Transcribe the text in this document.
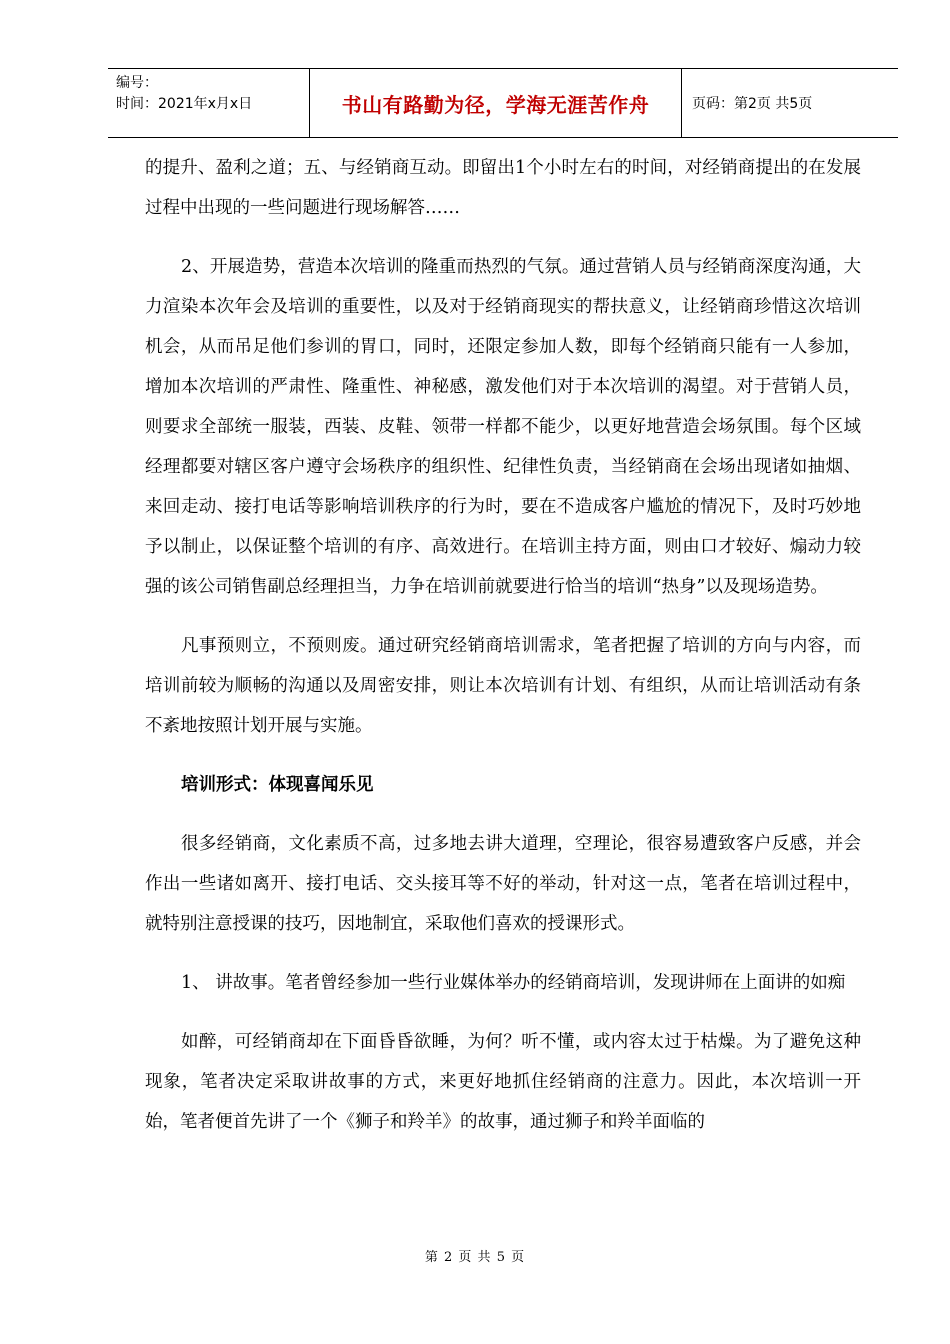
编号：
时间：2021年x月x日	书山有路勤为径，学海无涯苦作舟	页码：第2页 共5页

的提升、盈利之道；五、与经销商互动。即留出1个小时左右的时间，对经销商提出的在发展过程中出现的一些问题进行现场解答……

2、开展造势，营造本次培训的隆重而热烈的气氛。通过营销人员与经销商深度沟通，大力渲染本次年会及培训的重要性，以及对于经销商现实的帮扶意义，让经销商珍惜这次培训机会，从而吊足他们参训的胃口，同时，还限定参加人数，即每个经销商只能有一人参加，增加本次培训的严肃性、隆重性、神秘感，激发他们对于本次培训的渴望。对于营销人员，则要求全部统一服装，西装、皮鞋、领带一样都不能少，以更好地营造会场氛围。每个区域经理都要对辖区客户遵守会场秩序的组织性、纪律性负责，当经销商在会场出现诸如抽烟、来回走动、接打电话等影响培训秩序的行为时，要在不造成客户尴尬的情况下，及时巧妙地予以制止，以保证整个培训的有序、高效进行。在培训主持方面，则由口才较好、煽动力较强的该公司销售副总经理担当，力争在培训前就要进行恰当的培训“热身”以及现场造势。

凡事预则立，不预则废。通过研究经销商培训需求，笔者把握了培训的方向与内容，而培训前较为顺畅的沟通以及周密安排，则让本次培训有计划、有组织，从而让培训活动有条不紊地按照计划开展与实施。

培训形式：体现喜闻乐见

很多经销商，文化素质不高，过多地去讲大道理，空理论，很容易遭致客户反感，并会作出一些诸如离开、接打电话、交头接耳等不好的举动，针对这一点，笔者在培训过程中，就特别注意授课的技巧，因地制宜，采取他们喜欢的授课形式。

1、 讲故事。笔者曾经参加一些行业媒体举办的经销商培训，发现讲师在上面讲的如痴

如醉，可经销商却在下面昏昏欲睡，为何？听不懂，或内容太过于枯燥。为了避免这种现象，笔者决定采取讲故事的方式，来更好地抓住经销商的注意力。因此，本次培训一开始，笔者便首先讲了一个《狮子和羚羊》的故事，通过狮子和羚羊面临的

第 2 页 共 5 页
